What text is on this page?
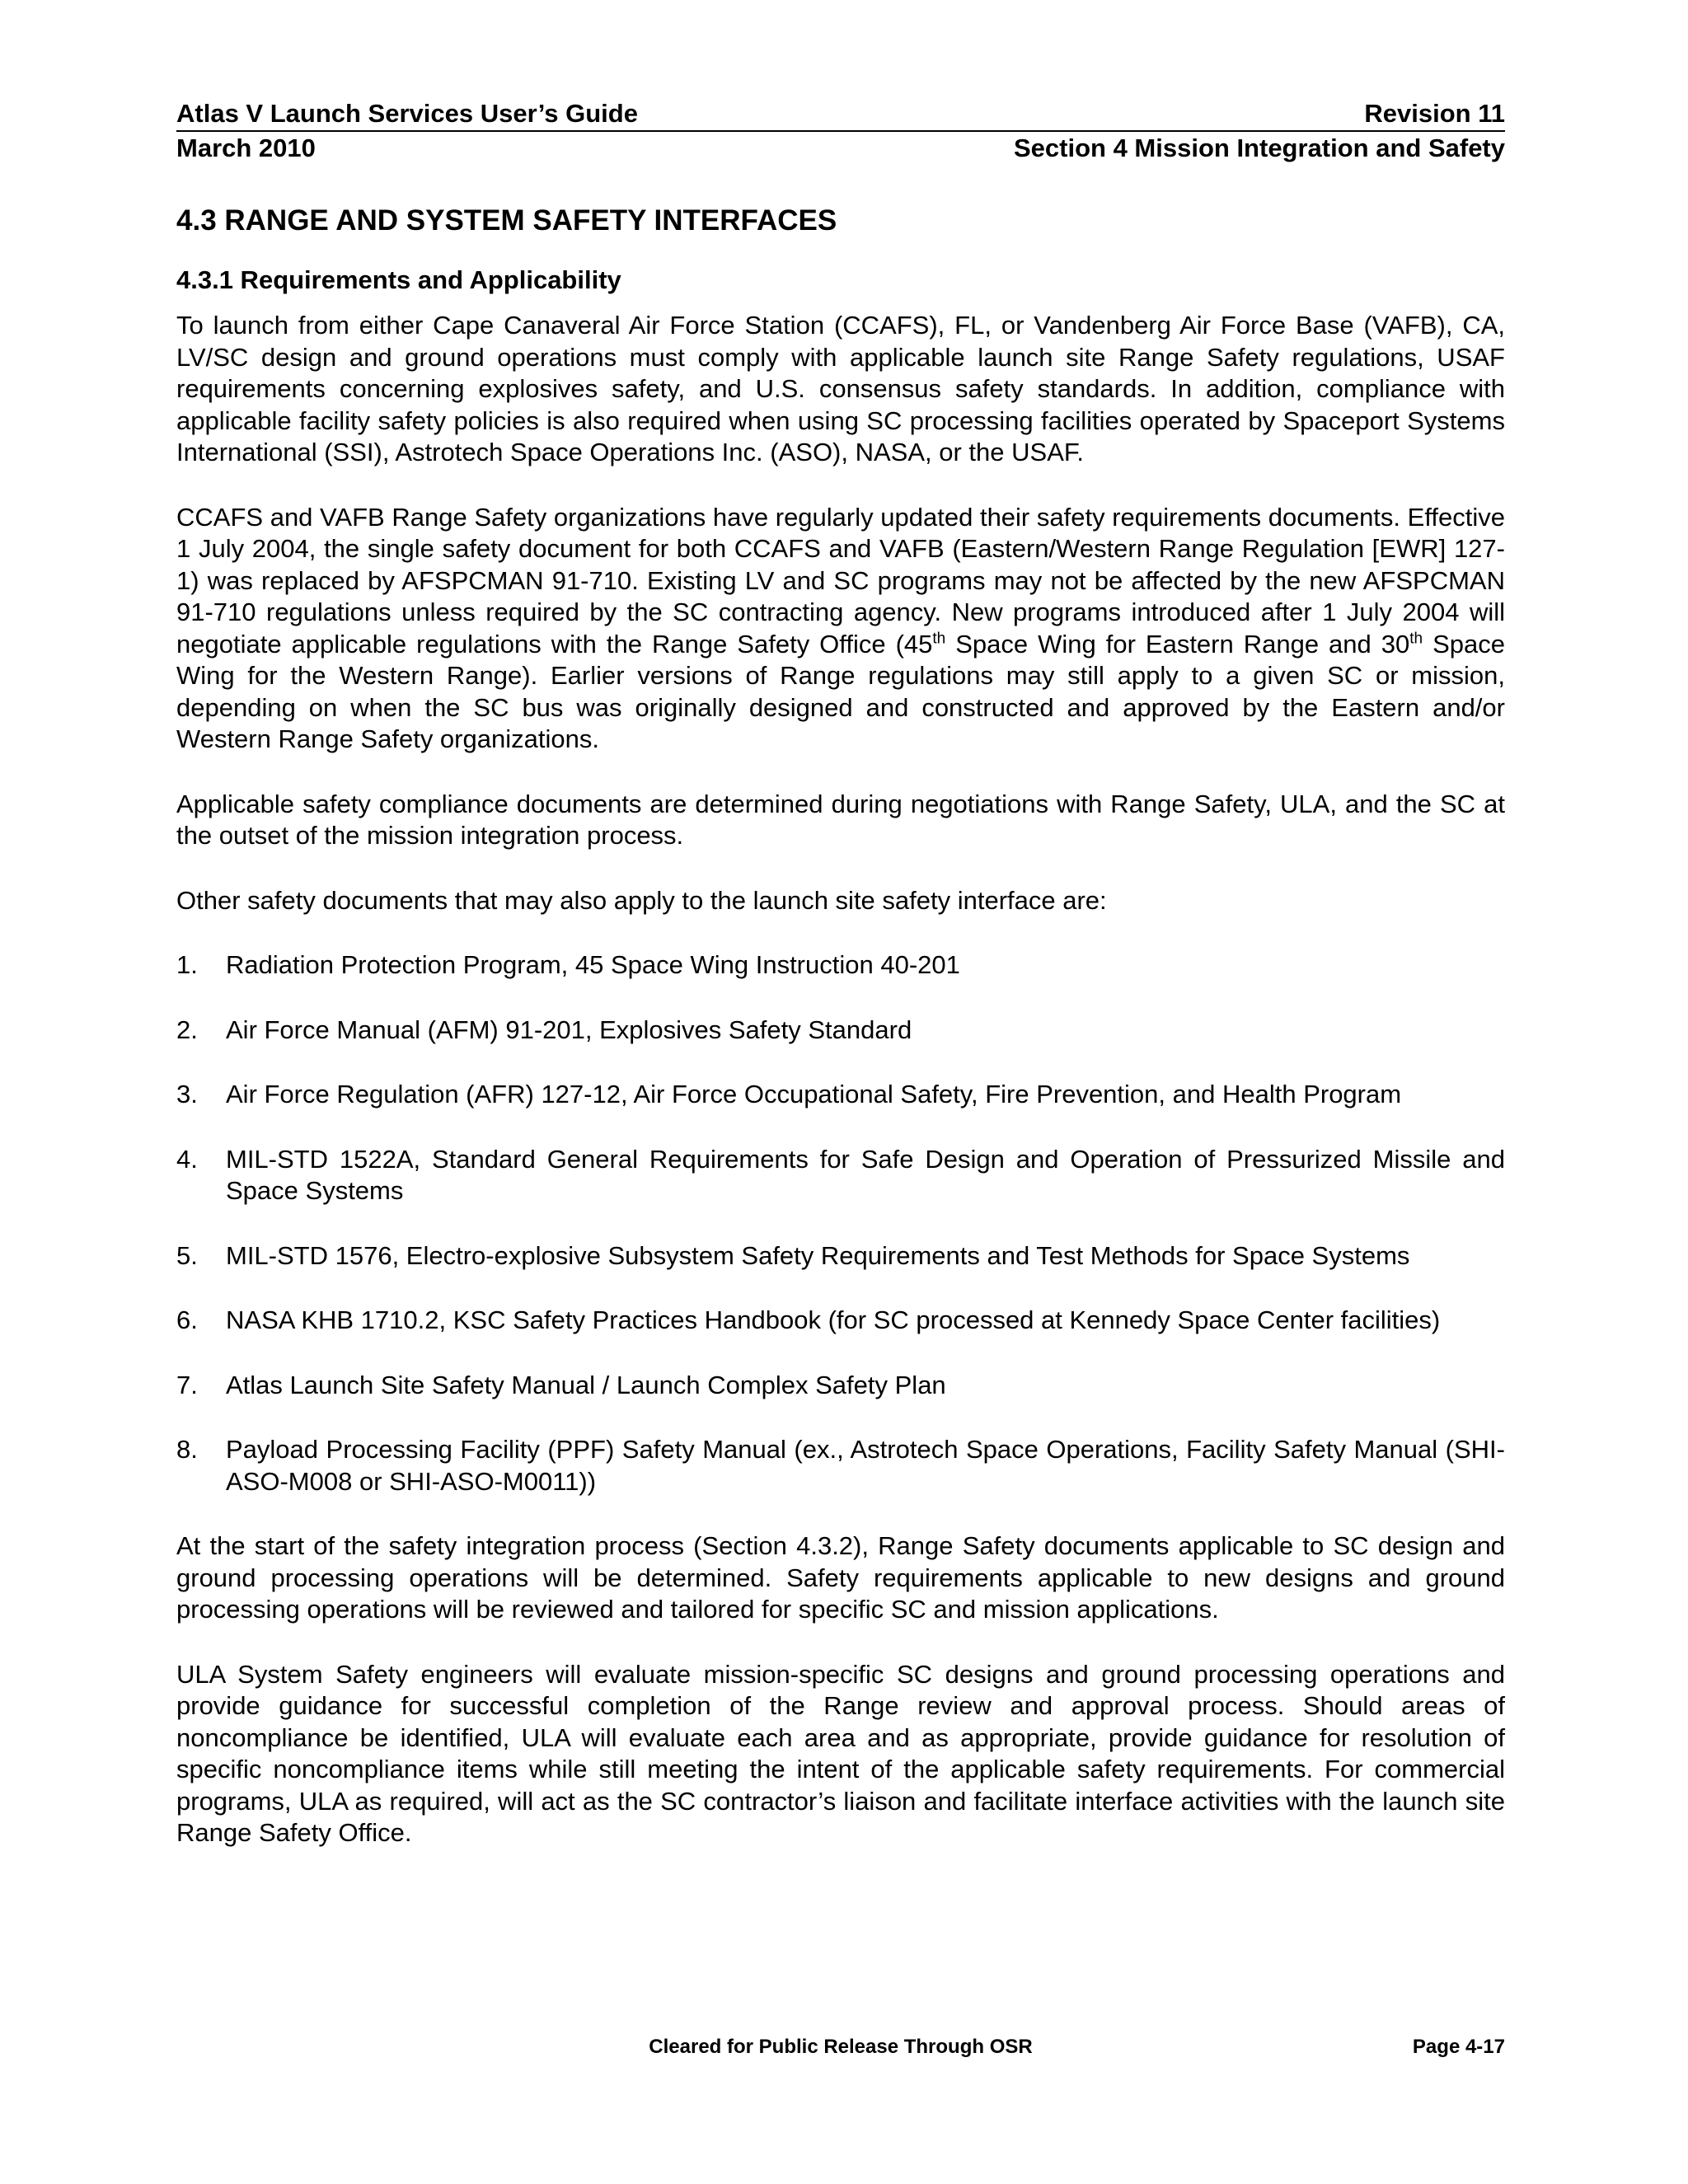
Atlas V Launch Services User’s Guide	Revision 11
March 2010	Section 4 Mission Integration and Safety
4.3 RANGE AND SYSTEM SAFETY INTERFACES
4.3.1 Requirements and Applicability

To launch from either Cape Canaveral Air Force Station (CCAFS), FL, or Vandenberg Air Force Base (VAFB), CA, LV/SC design and ground operations must comply with applicable launch site Range Safety regulations, USAF requirements concerning explosives safety, and U.S. consensus safety standards. In addition, compliance with applicable facility safety policies is also required when using SC processing facilities operated by Spaceport Systems International (SSI), Astrotech Space Operations Inc. (ASO), NASA, or the USAF.

CCAFS and VAFB Range Safety organizations have regularly updated their safety requirements documents. Effective 1 July 2004, the single safety document for both CCAFS and VAFB (Eastern/Western Range Regulation [EWR] 127-1) was replaced by AFSPCMAN 91-710. Existing LV and SC programs may not be affected by the new AFSPCMAN 91-710 regulations unless required by the SC contracting agency. New programs introduced after 1 July 2004 will negotiate applicable regulations with the Range Safety Office (45th Space Wing for Eastern Range and 30th Space Wing for the Western Range). Earlier versions of Range regulations may still apply to a given SC or mission, depending on when the SC bus was originally designed and constructed and approved by the Eastern and/or Western Range Safety organizations.

Applicable safety compliance documents are determined during negotiations with Range Safety, ULA, and the SC at the outset of the mission integration process.

Other safety documents that may also apply to the launch site safety interface are:

1.	Radiation Protection Program, 45 Space Wing Instruction 40-201
2.	Air Force Manual (AFM) 91-201, Explosives Safety Standard
3.	Air Force Regulation (AFR) 127-12, Air Force Occupational Safety, Fire Prevention, and Health Program
4.	MIL-STD 1522A, Standard General Requirements for Safe Design and Operation of Pressurized Missile and Space Systems
5.	MIL-STD 1576, Electro-explosive Subsystem Safety Requirements and Test Methods for Space Systems
6.	NASA KHB 1710.2, KSC Safety Practices Handbook (for SC processed at Kennedy Space Center facilities)
7.	Atlas Launch Site Safety Manual / Launch Complex Safety Plan
8.	Payload Processing Facility (PPF) Safety Manual (ex., Astrotech Space Operations, Facility Safety Manual (SHI-ASO-M008 or SHI-ASO-M0011))

At the start of the safety integration process (Section 4.3.2), Range Safety documents applicable to SC design and ground processing operations will be determined. Safety requirements applicable to new designs and ground processing operations will be reviewed and tailored for specific SC and mission applications.

ULA System Safety engineers will evaluate mission-specific SC designs and ground processing operations and provide guidance for successful completion of the Range review and approval process. Should areas of noncompliance be identified, ULA will evaluate each area and as appropriate, provide guidance for resolution of specific noncompliance items while still meeting the intent of the applicable safety requirements. For commercial programs, ULA as required, will act as the SC contractor’s liaison and facilitate interface activities with the launch site Range Safety Office.

Cleared for Public Release Through OSR	Page 4-17
